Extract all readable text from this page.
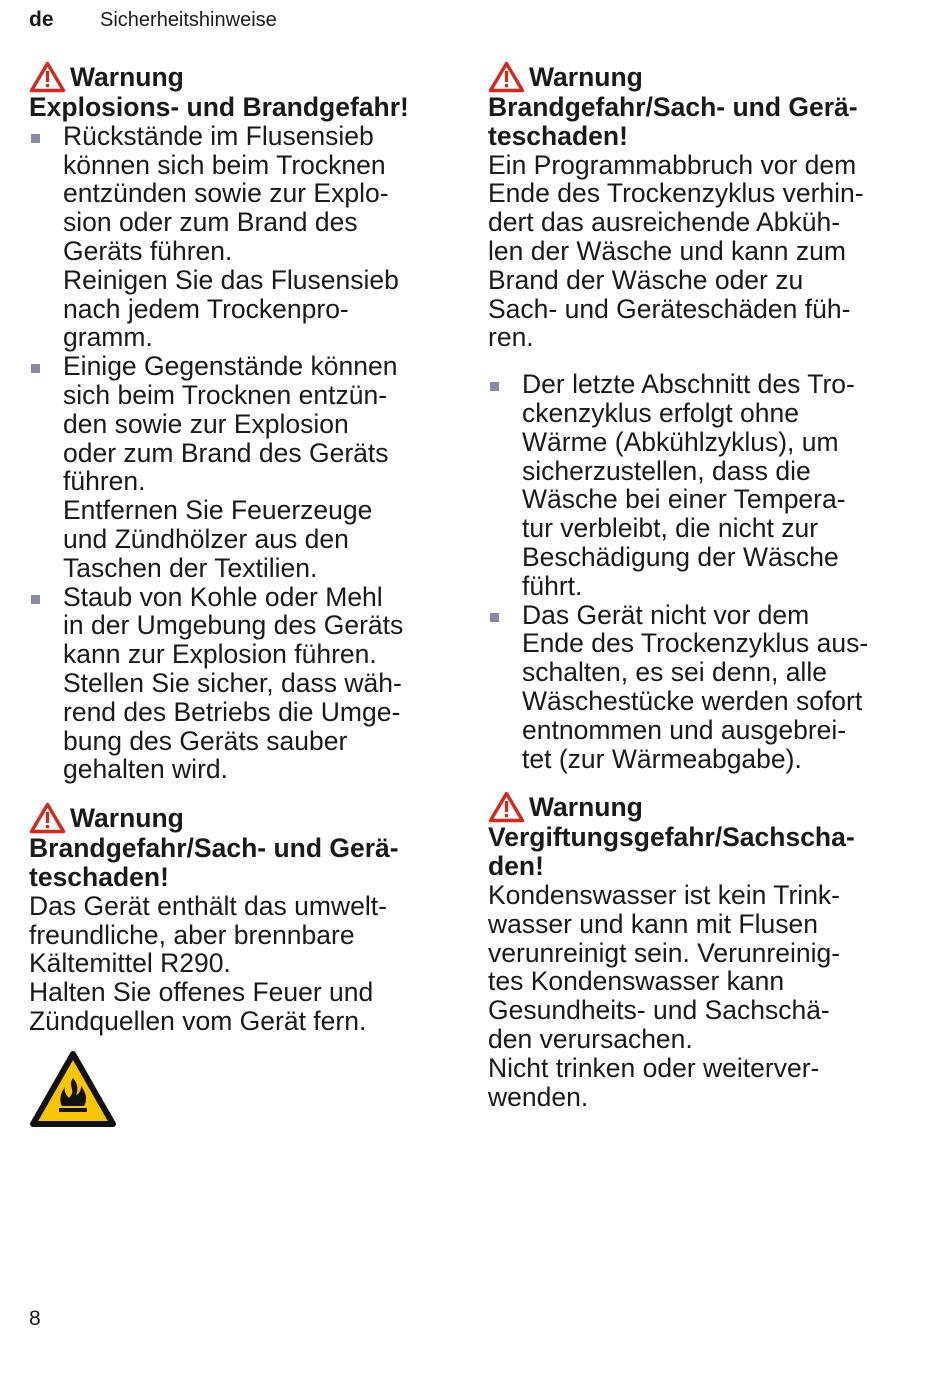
de Sicherheitshinweise
Warnung
Explosions- und Brandgefahr!
Rückstände im Flusensieb
können sich beim Trocknen
entzünden sowie zur Explo-
sion oder zum Brand des
Geräts führen.
Reinigen Sie das Flusensieb
nach jedem Trockenpro-
gramm.
Einige Gegenstände können
sich beim Trocknen entzün-
den sowie zur Explosion
oder zum Brand des Geräts
führen.
Entfernen Sie Feuerzeuge
und Zündhölzer aus den
Taschen der Textilien.
Staub von Kohle oder Mehl
in der Umgebung des Geräts
kann zur Explosion führen.
Stellen Sie sicher, dass wäh-
rend des Betriebs die Umge-
bung des Geräts sauber
gehalten wird.
Warnung
Brandgefahr/Sach- und Gerä-
teschaden!
Das Gerät enthält das umwelt-
freundliche, aber brennbare
Kältemittel R290.
Halten Sie offenes Feuer und
Zündquellen vom Gerät fern.
Warnung
Brandgefahr/Sach- und Gerä-
teschaden!
Ein Programmabbruch vor dem
Ende des Trockenzyklus verhin-
dert das ausreichende Abküh-
len der Wäsche und kann zum
Brand der Wäsche oder zu
Sach- und Geräteschäden füh-
ren.
Der letzte Abschnitt des Tro-
ckenzyklus erfolgt ohne
Wärme (Abkühlzyklus), um
sicherzustellen, dass die
Wäsche bei einer Tempera-
tur verbleibt, die nicht zur
Beschädigung der Wäsche
führt.
Das Gerät nicht vor dem
Ende des Trockenzyklus aus-
schalten, es sei denn, alle
Wäschestücke werden sofort
entnommen und ausgebrei-
tet (zur Wärmeabgabe).
Warnung
Vergiftungsgefahr/Sachscha-
den!
Kondenswasser ist kein Trink-
wasser und kann mit Flusen
verunreinigt sein. Verunreinig-
tes Kondenswasser kann
Gesundheits- und Sachschä-
den verursachen.
Nicht trinken oder weiterver-
wenden.
8
